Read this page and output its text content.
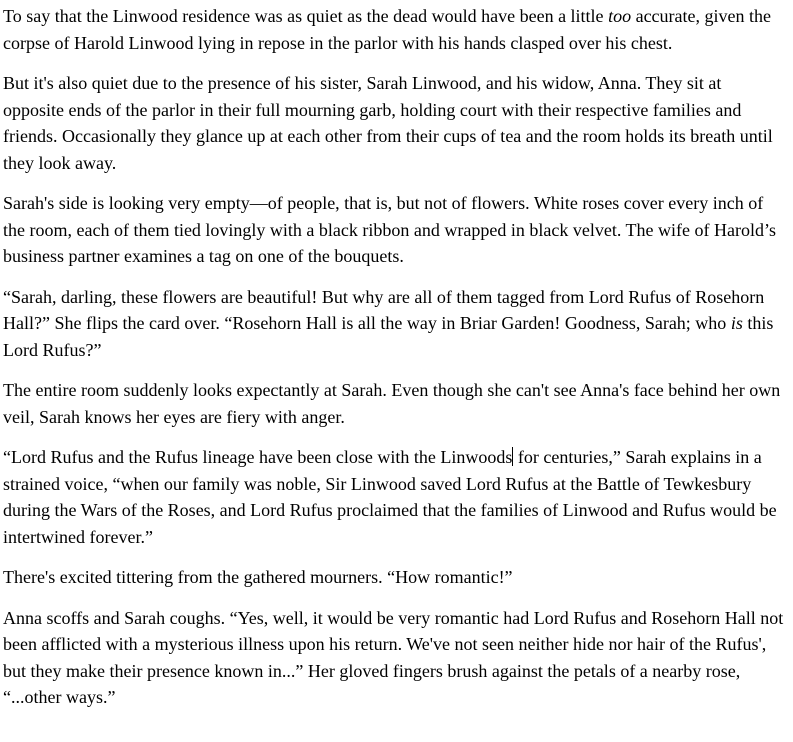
To say that the Linwood residence was as quiet as the dead would have been a little too accurate, given the corpse of Harold Linwood lying in repose in the parlor with his hands clasped over his chest.

But it's also quiet due to the presence of his sister, Sarah Linwood, and his widow, Anna. They sit at opposite ends of the parlor in their full mourning garb, holding court with their respective families and friends. Occasionally they glance up at each other from their cups of tea and the room holds its breath until they look away.

Sarah's side is looking very empty—of people, that is, but not of flowers. White roses cover every inch of the room, each of them tied lovingly with a black ribbon and wrapped in black velvet. The wife of Harold’s business partner examines a tag on one of the bouquets.

“Sarah, darling, these flowers are beautiful! But why are all of them tagged from Lord Rufus of Rosehorn Hall?” She flips the card over. “Rosehorn Hall is all the way in Briar Garden! Goodness, Sarah; who is this Lord Rufus?”

The entire room suddenly looks expectantly at Sarah. Even though she can't see Anna's face behind her own veil, Sarah knows her eyes are fiery with anger.

“Lord Rufus and the Rufus lineage have been close with the Linwoods for centuries,” Sarah explains in a strained voice, “when our family was noble, Sir Linwood saved Lord Rufus at the Battle of Tewkesbury during the Wars of the Roses, and Lord Rufus proclaimed that the families of Linwood and Rufus would be intertwined forever.”

There's excited tittering from the gathered mourners. “How romantic!”

Anna scoffs and Sarah coughs. “Yes, well, it would be very romantic had Lord Rufus and Rosehorn Hall not been afflicted with a mysterious illness upon his return. We've not seen neither hide nor hair of the Rufus', but they make their presence known in...” Her gloved fingers brush against the petals of a nearby rose, “...other ways.”
